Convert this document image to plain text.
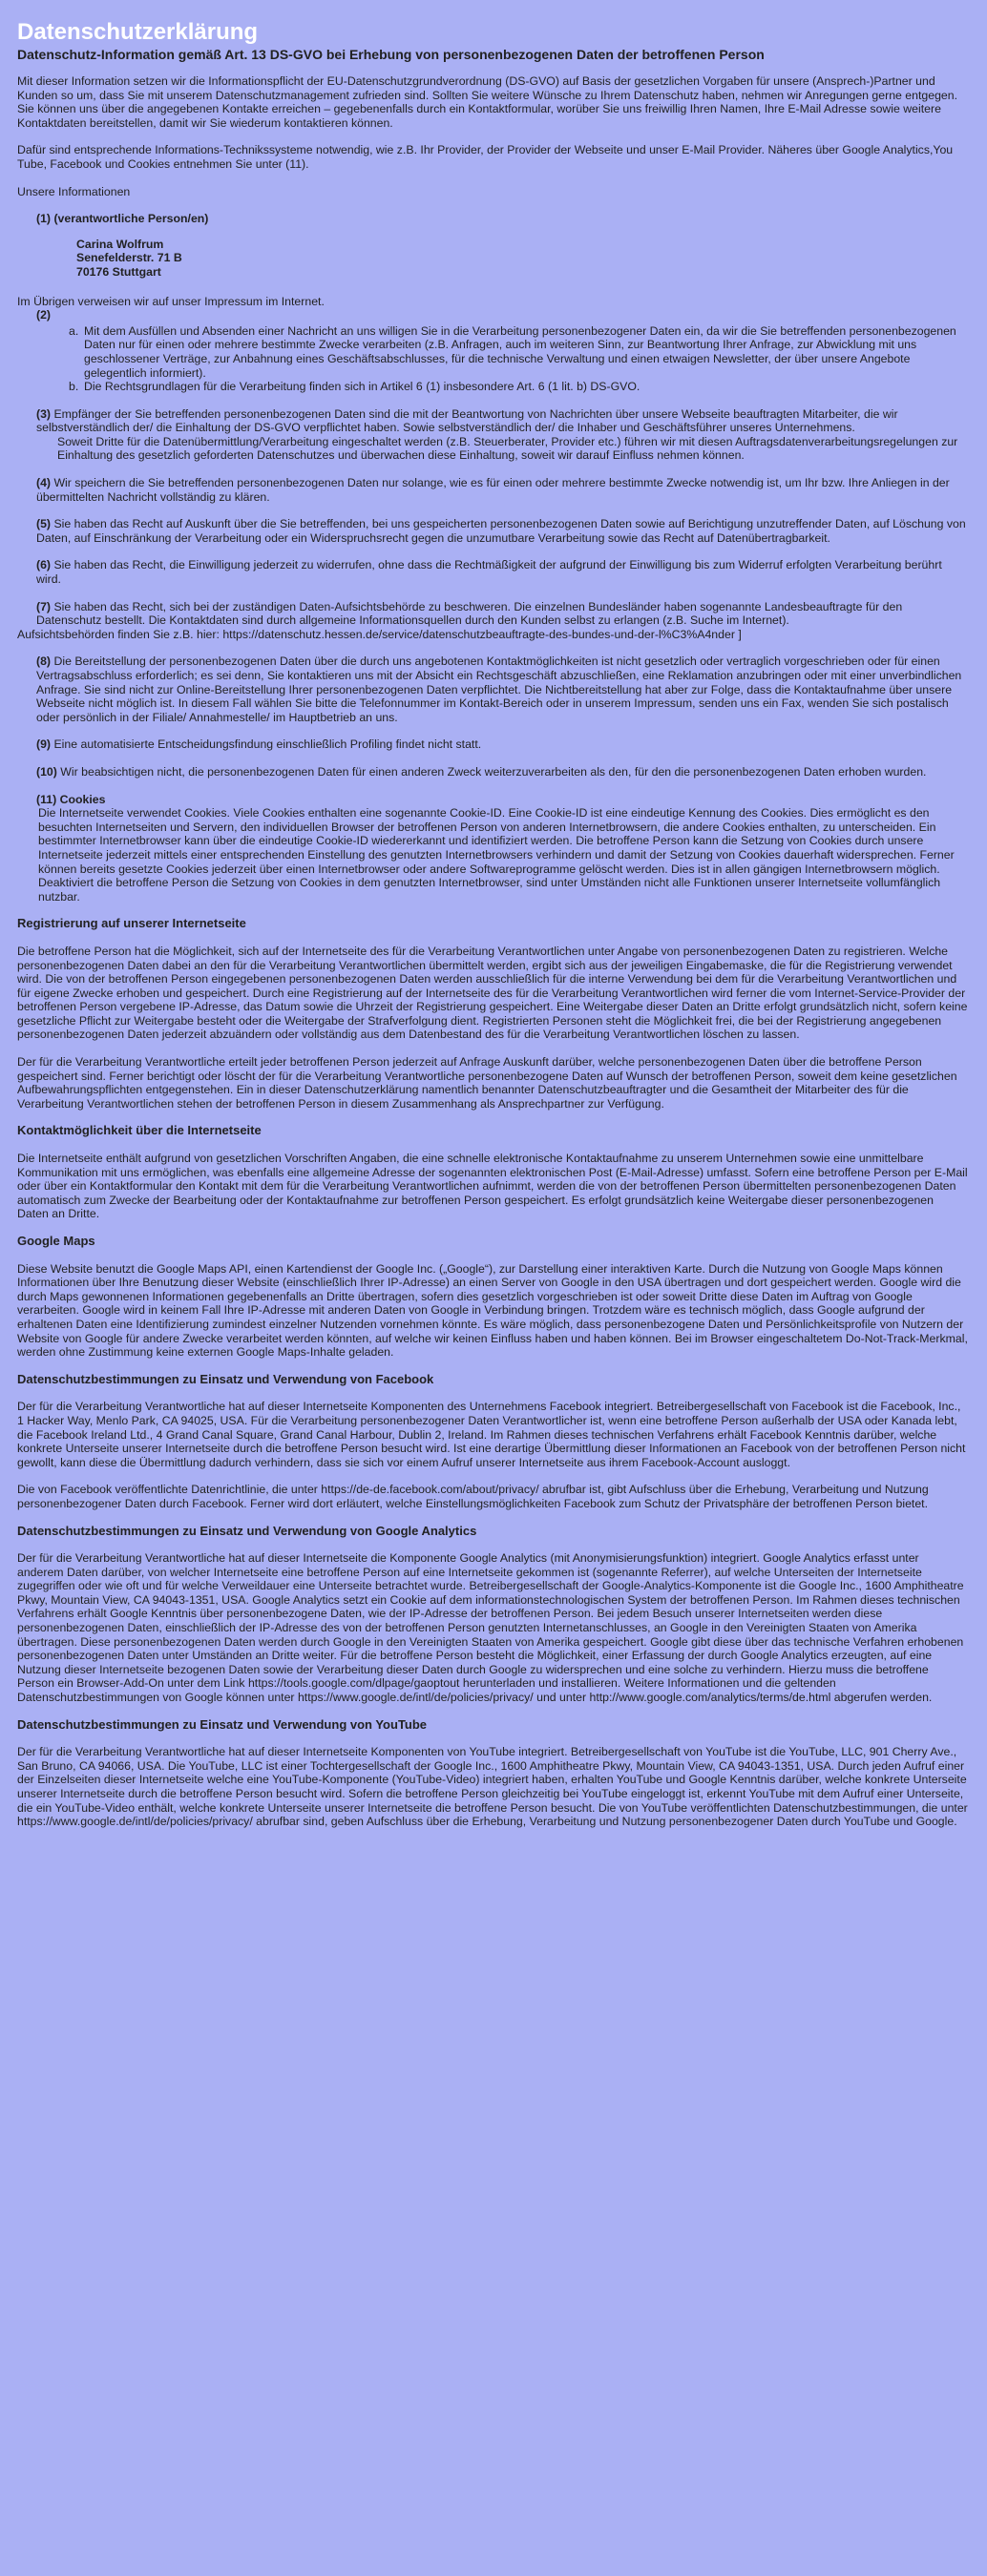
Datenschutzerklärung
Datenschutz-Information gemäß Art. 13 DS-GVO bei Erhebung von personenbezogenen Daten der betroffenen Person

Mit dieser Information setzen wir die Informationspflicht der EU-Datenschutzgrundverordnung (DS-GVO) auf Basis der gesetzlichen Vorgaben für unsere (Ansprech-)Partner und Kunden so um, dass Sie mit unserem Datenschutzmanagement zufrieden sind. Sollten Sie weitere Wünsche zu Ihrem Datenschutz haben, nehmen wir Anregungen gerne entgegen. Sie können uns über die angegebenen Kontakte erreichen – gegebenenfalls durch ein Kontaktformular, worüber Sie uns freiwillig Ihren Namen, Ihre E-Mail Adresse sowie weitere Kontaktdaten bereitstellen, damit wir Sie wiederum kontaktieren können.

Dafür sind entsprechende Informations-Technikssysteme notwendig, wie z.B. Ihr Provider, der Provider der Webseite und unser E-Mail Provider. Näheres über Google Analytics,You Tube, Facebook und Cookies entnehmen Sie unter (11).

Unsere Informationen

(1) (verantwortliche Person/en)
Carina Wolfrum
Senefelderstr. 71 B
70176 Stuttgart
Im Übrigen verweisen wir auf unser Impressum im Internet.
(2)
a. Mit dem Ausfüllen und Absenden einer Nachricht an uns willigen Sie in die Verarbeitung personenbezogener Daten ein, da wir die Sie betreffenden personenbezogenen Daten nur für einen oder mehrere bestimmte Zwecke verarbeiten (z.B. Anfragen, auch im weiteren Sinn, zur Beantwortung Ihrer Anfrage, zur Abwicklung mit uns geschlossener Verträge, zur Anbahnung eines Geschäftsabschlusses, für die technische Verwaltung und einen etwaigen Newsletter, der über unsere Angebote gelegentlich informiert).
b. Die Rechtsgrundlagen für die Verarbeitung finden sich in Artikel 6 (1) insbesondere Art. 6 (1 lit. b) DS-GVO.
(3) Empfänger der Sie betreffenden personenbezogenen Daten sind die mit der Beantwortung von Nachrichten über unsere Webseite beauftragten Mitarbeiter, die wir selbstverständlich der/ die Einhaltung der DS-GVO verpflichtet haben. Sowie selbstverständlich der/ die Inhaber und Geschäftsführer unseres Unternehmens.
Soweit Dritte für die Datenübermittlung/Verarbeitung eingeschaltet werden (z.B. Steuerberater, Provider etc.) führen wir mit diesen Auftragsdatenverarbeitungsregelungen zur Einhaltung des gesetzlich geforderten Datenschutzes und überwachen diese Einhaltung, soweit wir darauf Einfluss nehmen können.
(4) Wir speichern die Sie betreffenden personenbezogenen Daten nur solange, wie es für einen oder mehrere bestimmte Zwecke notwendig ist, um Ihr bzw. Ihre Anliegen in der übermittelten Nachricht vollständig zu klären.
(5) Sie haben das Recht auf Auskunft über die Sie betreffenden, bei uns gespeicherten personenbezogenen Daten sowie auf Berichtigung unzutreffender Daten, auf Löschung von Daten, auf Einschränkung der Verarbeitung oder ein Widerspruchsrecht gegen die unzumutbare Verarbeitung sowie das Recht auf Datenübertragbarkeit.
(6) Sie haben das Recht, die Einwilligung jederzeit zu widerrufen, ohne dass die Rechtmäßigkeit der aufgrund der Einwilligung bis zum Widerruf erfolgten Verarbeitung berührt wird.
(7) Sie haben das Recht, sich bei der zuständigen Daten-Aufsichtsbehörde zu beschweren. Die einzelnen Bundesländer haben sogenannte Landesbeauftragte für den Datenschutz bestellt. Die Kontaktdaten sind durch allgemeine Informationsquellen durch den Kunden selbst zu erlangen (z.B. Suche im Internet).
Aufsichtsbehörden finden Sie z.B. hier: https://datenschutz.hessen.de/service/datenschutzbeauftragte-des-bundes-und-der-l%C3%A4nder ]
(8) Die Bereitstellung der personenbezogenen Daten über die durch uns angebotenen Kontaktmöglichkeiten ist nicht gesetzlich oder vertraglich vorgeschrieben oder für einen Vertragsabschluss erforderlich; es sei denn, Sie kontaktieren uns mit der Absicht ein Rechtsgeschäft abzuschließen, eine Reklamation anzubringen oder mit einer unverbindlichen Anfrage. Sie sind nicht zur Online-Bereitstellung Ihrer personenbezogenen Daten verpflichtet. Die Nichtbereitstellung hat aber zur Folge, dass die Kontaktaufnahme über unsere Webseite nicht möglich ist. In diesem Fall wählen Sie bitte die Telefonnummer im Kontakt-Bereich oder in unserem Impressum, senden uns ein Fax, wenden Sie sich postalisch oder persönlich in der Filiale/ Annahmestelle/ im Hauptbetrieb an uns.
(9) Eine automatisierte Entscheidungsfindung einschließlich Profiling findet nicht statt.
(10) Wir beabsichtigen nicht, die personenbezogenen Daten für einen anderen Zweck weiterzuverarbeiten als den, für den die personenbezogenen Daten erhoben wurden.
(11) Cookies
Die Internetseite verwendet Cookies. Viele Cookies enthalten eine sogenannte Cookie-ID. Eine Cookie-ID ist eine eindeutige Kennung des Cookies. Dies ermöglicht es den besuchten Internetseiten und Servern, den individuellen Browser der betroffenen Person von anderen Internetbrowsern, die andere Cookies enthalten, zu unterscheiden. Ein bestimmter Internetbrowser kann über die eindeutige Cookie-ID wiedererkannt und identifiziert werden. Die betroffene Person kann die Setzung von Cookies durch unsere Internetseite jederzeit mittels einer entsprechenden Einstellung des genutzten Internetbrowsers verhindern und damit der Setzung von Cookies dauerhaft widersprechen. Ferner können bereits gesetzte Cookies jederzeit über einen Internetbrowser oder andere Softwareprogramme gelöscht werden. Dies ist in allen gängigen Internetbrowsern möglich. Deaktiviert die betroffene Person die Setzung von Cookies in dem genutzten Internetbrowser, sind unter Umständen nicht alle Funktionen unserer Internetseite vollumfänglich nutzbar.
Registrierung auf unserer Internetseite

Die betroffene Person hat die Möglichkeit, sich auf der Internetseite des für die Verarbeitung Verantwortlichen unter Angabe von personenbezogenen Daten zu registrieren. Welche personenbezogenen Daten dabei an den für die Verarbeitung Verantwortlichen übermittelt werden, ergibt sich aus der jeweiligen Eingabemaske, die für die Registrierung verwendet wird. Die von der betroffenen Person eingegebenen personenbezogenen Daten werden ausschließlich für die interne Verwendung bei dem für die Verarbeitung Verantwortlichen und für eigene Zwecke erhoben und gespeichert. Durch eine Registrierung auf der Internetseite des für die Verarbeitung Verantwortlichen wird ferner die vom Internet-Service-Provider der betroffenen Person vergebene IP-Adresse, das Datum sowie die Uhrzeit der Registrierung gespeichert. Eine Weitergabe dieser Daten an Dritte erfolgt grundsätzlich nicht, sofern keine gesetzliche Pflicht zur Weitergabe besteht oder die Weitergabe der Strafverfolgung dient. Registrierten Personen steht die Möglichkeit frei, die bei der Registrierung angegebenen personenbezogenen Daten jederzeit abzuändern oder vollständig aus dem Datenbestand des für die Verarbeitung Verantwortlichen löschen zu lassen.

Der für die Verarbeitung Verantwortliche erteilt jeder betroffenen Person jederzeit auf Anfrage Auskunft darüber, welche personenbezogenen Daten über die betroffene Person gespeichert sind. Ferner berichtigt oder löscht der für die Verarbeitung Verantwortliche personenbezogene Daten auf Wunsch der betroffenen Person, soweit dem keine gesetzlichen Aufbewahrungspflichten entgegenstehen. Ein in dieser Datenschutzerklärung namentlich benannter Datenschutzbeauftragter und die Gesamtheit der Mitarbeiter des für die Verarbeitung Verantwortlichen stehen der betroffenen Person in diesem Zusammenhang als Ansprechpartner zur Verfügung.

Kontaktmöglichkeit über die Internetseite

Die Internetseite enthält aufgrund von gesetzlichen Vorschriften Angaben, die eine schnelle elektronische Kontaktaufnahme zu unserem Unternehmen sowie eine unmittelbare Kommunikation mit uns ermöglichen, was ebenfalls eine allgemeine Adresse der sogenannten elektronischen Post (E-Mail-Adresse) umfasst. Sofern eine betroffene Person per E-Mail oder über ein Kontaktformular den Kontakt mit dem für die Verarbeitung Verantwortlichen aufnimmt, werden die von der betroffenen Person übermittelten personenbezogenen Daten automatisch zum Zwecke der Bearbeitung oder der Kontaktaufnahme zur betroffenen Person gespeichert. Es erfolgt grundsätzlich keine Weitergabe dieser personenbezogenen Daten an Dritte.

Google Maps

Diese Website benutzt die Google Maps API, einen Kartendienst der Google Inc. („Google“), zur Darstellung einer interaktiven Karte. Durch die Nutzung von Google Maps können Informationen über Ihre Benutzung dieser Website (einschließlich Ihrer IP-Adresse) an einen Server von Google in den USA übertragen und dort gespeichert werden. Google wird die durch Maps gewonnenen Informationen gegebenenfalls an Dritte übertragen, sofern dies gesetzlich vorgeschrieben ist oder soweit Dritte diese Daten im Auftrag von Google verarbeiten. Google wird in keinem Fall Ihre IP-Adresse mit anderen Daten von Google in Verbindung bringen. Trotzdem wäre es technisch möglich, dass Google aufgrund der erhaltenen Daten eine Identifizierung zumindest einzelner Nutzenden vornehmen könnte. Es wäre möglich, dass personenbezogene Daten und Persönlichkeitsprofile von Nutzern der Website von Google für andere Zwecke verarbeitet werden könnten, auf welche wir keinen Einfluss haben und haben können. Bei im Browser eingeschaltetem Do-Not-Track-Merkmal, werden ohne Zustimmung keine externen Google Maps-Inhalte geladen.

Datenschutzbestimmungen zu Einsatz und Verwendung von Facebook

Der für die Verarbeitung Verantwortliche hat auf dieser Internetseite Komponenten des Unternehmens Facebook integriert. Betreibergesellschaft von Facebook ist die Facebook, Inc., 1 Hacker Way, Menlo Park, CA 94025, USA. Für die Verarbeitung personenbezogener Daten Verantwortlicher ist, wenn eine betroffene Person außerhalb der USA oder Kanada lebt, die Facebook Ireland Ltd., 4 Grand Canal Square, Grand Canal Harbour, Dublin 2, Ireland. Im Rahmen dieses technischen Verfahrens erhält Facebook Kenntnis darüber, welche konkrete Unterseite unserer Internetseite durch die betroffene Person besucht wird. Ist eine derartige Übermittlung dieser Informationen an Facebook von der betroffenen Person nicht gewollt, kann diese die Übermittlung dadurch verhindern, dass sie sich vor einem Aufruf unserer Internetseite aus ihrem Facebook-Account ausloggt.

Die von Facebook veröffentlichte Datenrichtlinie, die unter https://de-de.facebook.com/about/privacy/ abrufbar ist, gibt Aufschluss über die Erhebung, Verarbeitung und Nutzung personenbezogener Daten durch Facebook. Ferner wird dort erläutert, welche Einstellungsmöglichkeiten Facebook zum Schutz der Privatsphäre der betroffenen Person bietet.

Datenschutzbestimmungen zu Einsatz und Verwendung von Google Analytics

Der für die Verarbeitung Verantwortliche hat auf dieser Internetseite die Komponente Google Analytics (mit Anonymisierungsfunktion) integriert. Google Analytics erfasst unter anderem Daten darüber, von welcher Internetseite eine betroffene Person auf eine Internetseite gekommen ist (sogenannte Referrer), auf welche Unterseiten der Internetseite zugegriffen oder wie oft und für welche Verweildauer eine Unterseite betrachtet wurde. Betreibergesellschaft der Google-Analytics-Komponente ist die Google Inc., 1600 Amphitheatre Pkwy, Mountain View, CA 94043-1351, USA. Google Analytics setzt ein Cookie auf dem informationstechnologischen System der betroffenen Person. Im Rahmen dieses technischen Verfahrens erhält Google Kenntnis über personenbezogene Daten, wie der IP-Adresse der betroffenen Person. Bei jedem Besuch unserer Internetseiten werden diese personenbezogenen Daten, einschließlich der IP-Adresse des von der betroffenen Person genutzten Internetanschlusses, an Google in den Vereinigten Staaten von Amerika übertragen. Diese personenbezogenen Daten werden durch Google in den Vereinigten Staaten von Amerika gespeichert. Google gibt diese über das technische Verfahren erhobenen personenbezogenen Daten unter Umständen an Dritte weiter. Für die betroffene Person besteht die Möglichkeit, einer Erfassung der durch Google Analytics erzeugten, auf eine Nutzung dieser Internetseite bezogenen Daten sowie der Verarbeitung dieser Daten durch Google zu widersprechen und eine solche zu verhindern. Hierzu muss die betroffene Person ein Browser-Add-On unter dem Link https://tools.google.com/dlpage/gaoptout herunterladen und installieren. Weitere Informationen und die geltenden Datenschutzbestimmungen von Google können unter https://www.google.de/intl/de/policies/privacy/ und unter http://www.google.com/analytics/terms/de.html abgerufen werden.

Datenschutzbestimmungen zu Einsatz und Verwendung von YouTube

Der für die Verarbeitung Verantwortliche hat auf dieser Internetseite Komponenten von YouTube integriert. Betreibergesellschaft von YouTube ist die YouTube, LLC, 901 Cherry Ave., San Bruno, CA 94066, USA. Die YouTube, LLC ist einer Tochtergesellschaft der Google Inc., 1600 Amphitheatre Pkwy, Mountain View, CA 94043-1351, USA. Durch jeden Aufruf einer der Einzelseiten dieser Internetseite welche eine YouTube-Komponente (YouTube-Video) integriert haben, erhalten YouTube und Google Kenntnis darüber, welche konkrete Unterseite unserer Internetseite durch die betroffene Person besucht wird. Sofern die betroffene Person gleichzeitig bei YouTube eingeloggt ist, erkennt YouTube mit dem Aufruf einer Unterseite, die ein YouTube-Video enthält, welche konkrete Unterseite unserer Internetseite die betroffene Person besucht. Die von YouTube veröffentlichten Datenschutzbestimmungen, die unter https://www.google.de/intl/de/policies/privacy/ abrufbar sind, geben Aufschluss über die Erhebung, Verarbeitung und Nutzung personenbezogener Daten durch YouTube und Google.
